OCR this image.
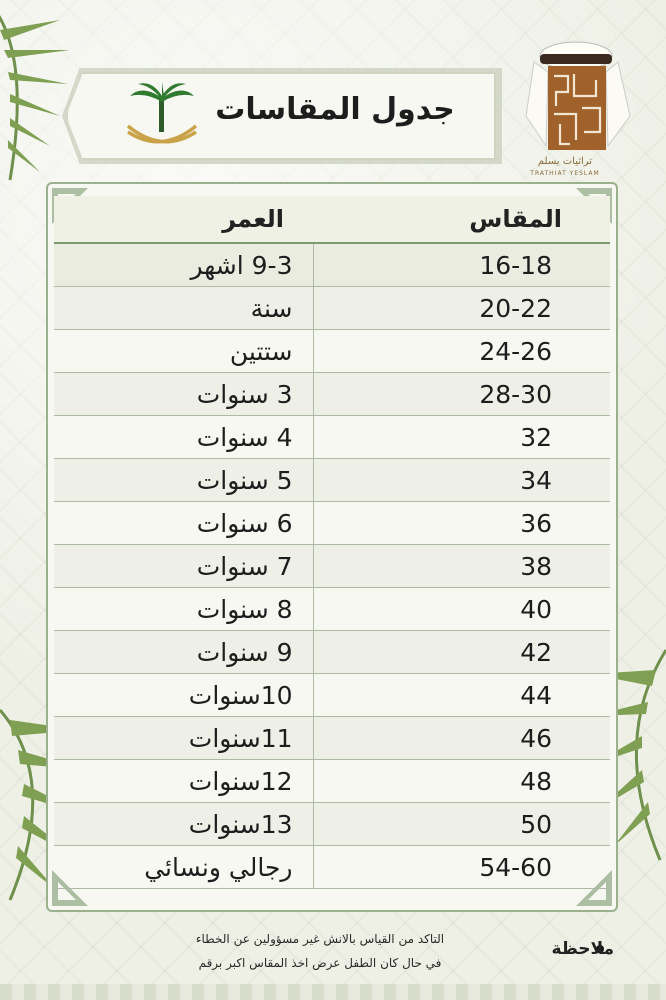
جدول المقاسات
تراثيات يسلم
TRATHIAT YESLAM
المقاس
العمر
16-18
9-3 اشهر
20-22
سنة
24-26
ستتين
28-30
3 سنوات
32
4 سنوات
34
5 سنوات
36
6 سنوات
38
7 سنوات
40
8 سنوات
42
9 سنوات
44
10سنوات
46
11سنوات
48
12سنوات
50
13سنوات
54-60
رجالي ونسائي
ملاحظة
التاكد من القياس بالانش غير مسؤولين عن الخطاء
في حال كان الطفل عرض اخذ المقاس اكبر برقم
